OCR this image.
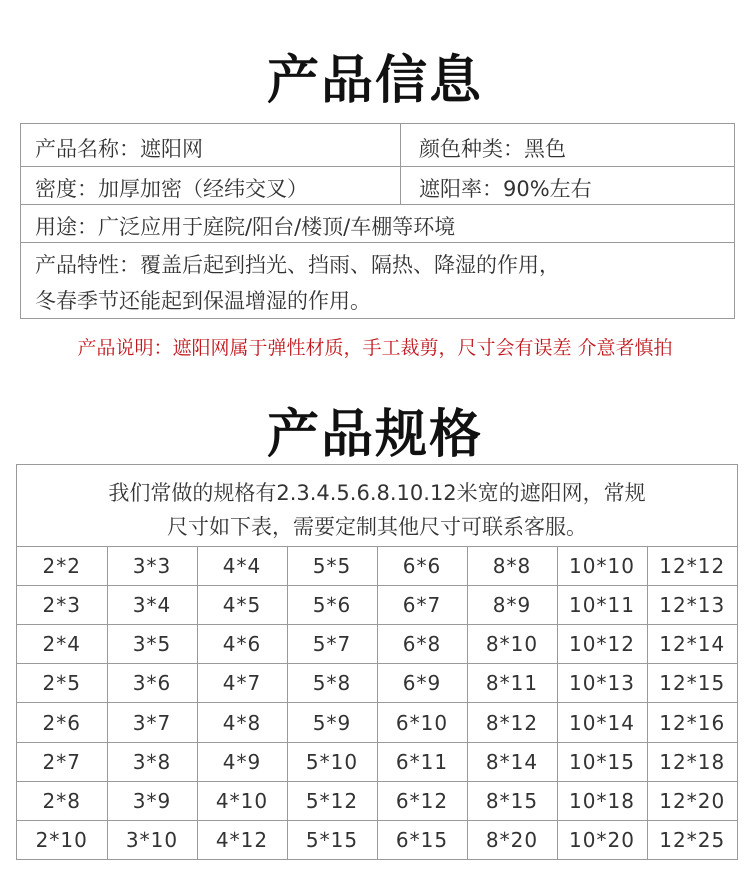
产品信息
产品名称：遮阳网	颜色种类：黑色
密度：加厚加密（经纬交叉）	遮阳率：90%左右
用途：广泛应用于庭院/阳台/楼顶/车棚等环境
产品特性：覆盖后起到挡光、挡雨、隔热、降湿的作用，
冬春季节还能起到保温增湿的作用。
产品说明：遮阳网属于弹性材质，手工裁剪，尺寸会有误差 介意者慎拍
产品规格
我们常做的规格有2.3.4.5.6.8.10.12米宽的遮阳网，常规
尺寸如下表，需要定制其他尺寸可联系客服。
2*2	3*3	4*4	5*5	6*6	8*8	10*10	12*12
2*3	3*4	4*5	5*6	6*7	8*9	10*11	12*13
2*4	3*5	4*6	5*7	6*8	8*10	10*12	12*14
2*5	3*6	4*7	5*8	6*9	8*11	10*13	12*15
2*6	3*7	4*8	5*9	6*10	8*12	10*14	12*16
2*7	3*8	4*9	5*10	6*11	8*14	10*15	12*18
2*8	3*9	4*10	5*12	6*12	8*15	10*18	12*20
2*10	3*10	4*12	5*15	6*15	8*20	10*20	12*25
